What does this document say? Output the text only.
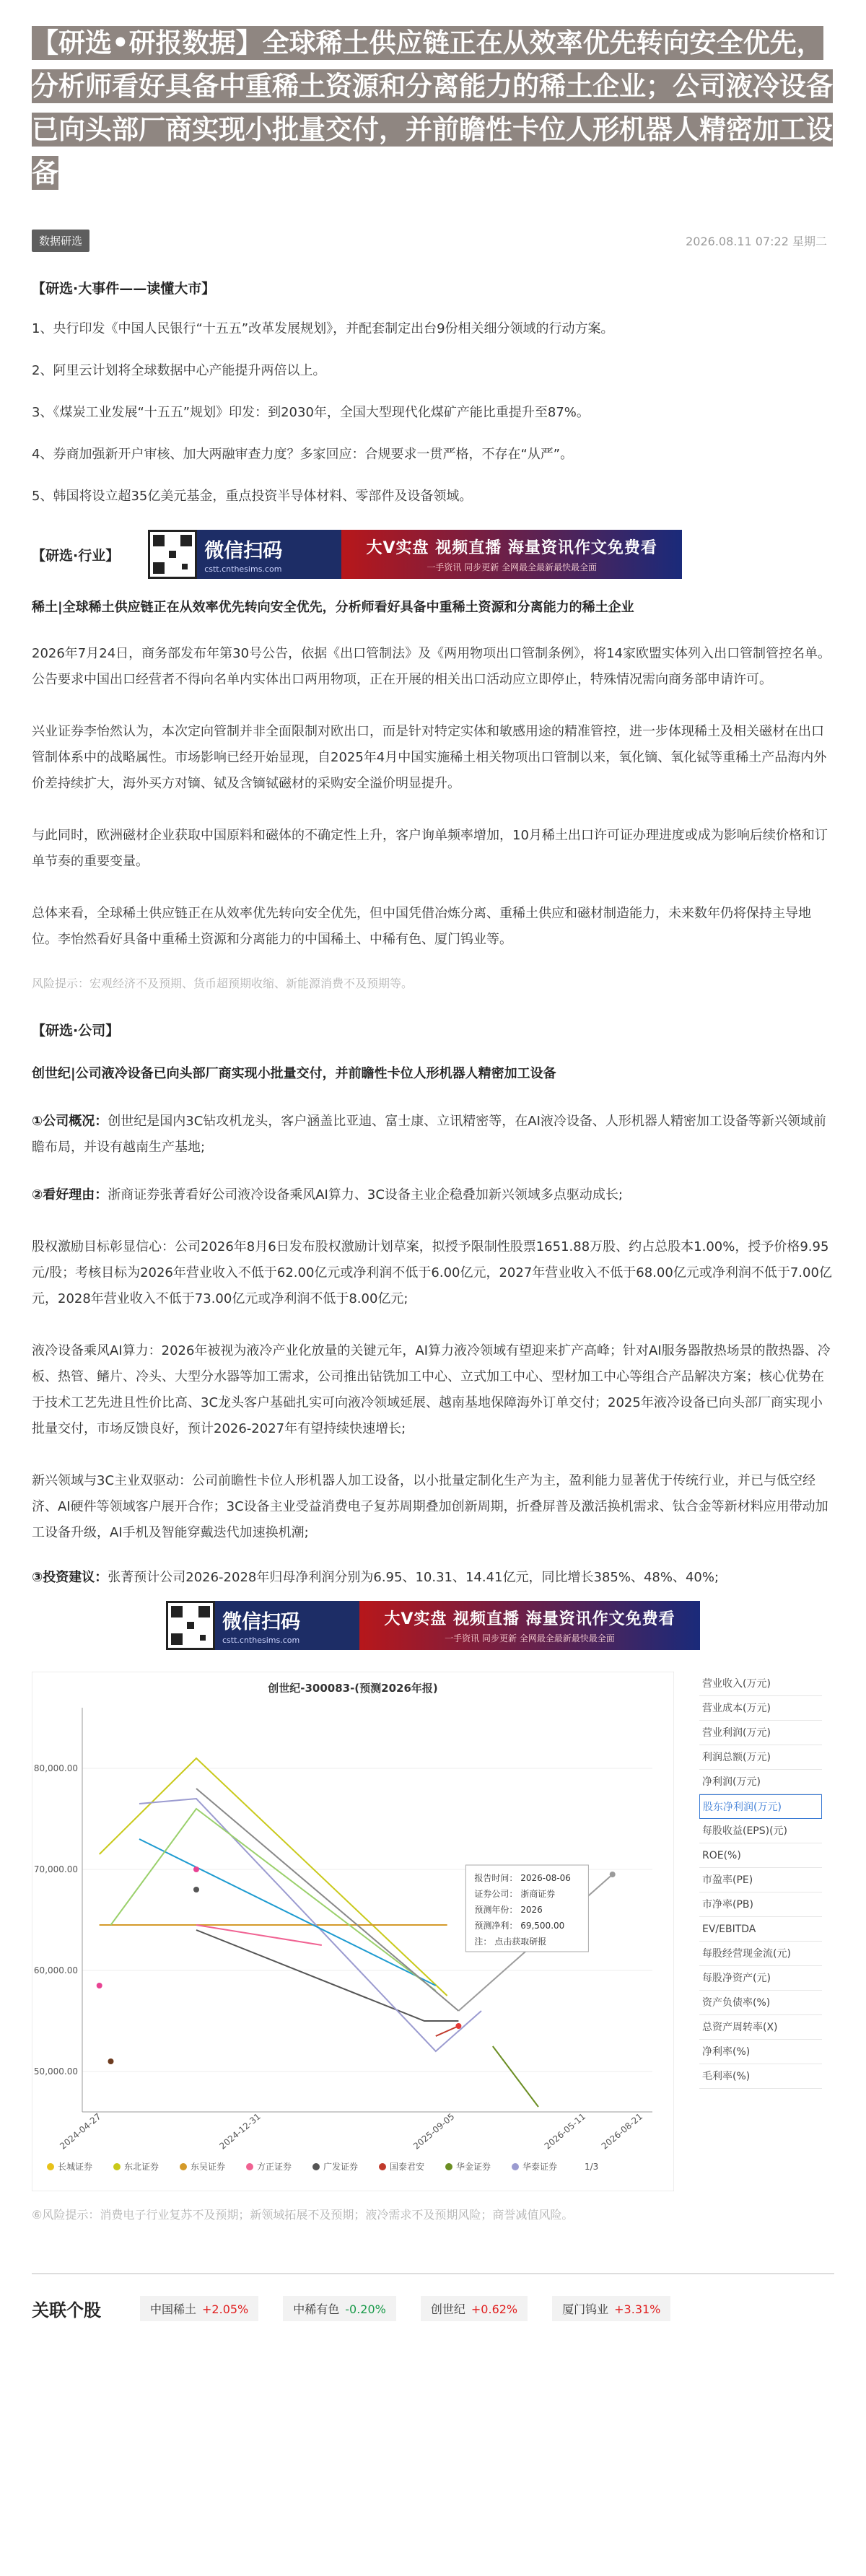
【研选•研报数据】全球稀土供应链正在从效率优先转向安全优先，分析师看好具备中重稀土资源和分离能力的稀土企业；公司液冷设备已向头部厂商实现小批量交付，并前瞻性卡位人形机器人精密加工设备
数据研选	2026.08.11 07:22 星期二
【研选·大事件——读懂大市】
1、央行印发《中国人民银行“十五五”改革发展规划》，并配套制定出台9份相关细分领域的行动方案。
2、阿里云计划将全球数据中心产能提升两倍以上。
3、《煤炭工业发展“十五五”规划》印发：到2030年，全国大型现代化煤矿产能比重提升至87%。
4、券商加强新开户审核、加大两融审查力度？多家回应：合规要求一贯严格，不存在“从严”。
5、韩国将设立超35亿美元基金，重点投资半导体材料、零部件及设备领域。
【研选·行业】	微信扫码
cstt.cnthesims.com
大V实盘 视频直播 海量资讯作文免费看
一手资讯 同步更新 全网最全最新最快最全面
稀土|全球稀土供应链正在从效率优先转向安全优先，分析师看好具备中重稀土资源和分离能力的稀土企业
2026年7月24日，商务部发布年第30号公告，依据《出口管制法》及《两用物项出口管制条例》，将14家欧盟实体列入出口管制管控名单。公告要求中国出口经营者不得向名单内实体出口两用物项，正在开展的相关出口活动应立即停止，特殊情况需向商务部申请许可。
兴业证券李怡然认为，本次定向管制并非全面限制对欧出口，而是针对特定实体和敏感用途的精准管控，进一步体现稀土及相关磁材在出口管制体系中的战略属性。市场影响已经开始显现，自2025年4月中国实施稀土相关物项出口管制以来，氧化镝、氧化铽等重稀土产品海内外价差持续扩大，海外买方对镝、铽及含镝铽磁材的采购安全溢价明显提升。
与此同时，欧洲磁材企业获取中国原料和磁体的不确定性上升，客户询单频率增加，10月稀土出口许可证办理进度或成为影响后续价格和订单节奏的重要变量。
总体来看，全球稀土供应链正在从效率优先转向安全优先，但中国凭借冶炼分离、重稀土供应和磁材制造能力，未来数年仍将保持主导地位。李怡然看好具备中重稀土资源和分离能力的中国稀土、中稀有色、厦门钨业等。
风险提示：宏观经济不及预期、货币超预期收缩、新能源消费不及预期等。
【研选·公司】
创世纪|公司液冷设备已向头部厂商实现小批量交付，并前瞻性卡位人形机器人精密加工设备
①公司概况：创世纪是国内3C钻攻机龙头，客户涵盖比亚迪、富士康、立讯精密等，在AI液冷设备、人形机器人精密加工设备等新兴领域前瞻布局，并设有越南生产基地;
②看好理由：浙商证券张菁看好公司液冷设备乘风AI算力、3C设备主业企稳叠加新兴领域多点驱动成长;
股权激励目标彰显信心：公司2026年8月6日发布股权激励计划草案，拟授予限制性股票1651.88万股、约占总股本1.00%，授予价格9.95元/股；考核目标为2026年营业收入不低于62.00亿元或净利润不低于6.00亿元，2027年营业收入不低于68.00亿元或净利润不低于7.00亿元，2028年营业收入不低于73.00亿元或净利润不低于8.00亿元;
液冷设备乘风AI算力：2026年被视为液冷产业化放量的关键元年，AI算力液冷领域有望迎来扩产高峰；针对AI服务器散热场景的散热器、冷板、热管、鳍片、冷头、大型分水器等加工需求，公司推出钻铣加工中心、立式加工中心、型材加工中心等组合产品解决方案；核心优势在于技术工艺先进且性价比高、3C龙头客户基础扎实可向液冷领域延展、越南基地保障海外订单交付；2025年液冷设备已向头部厂商实现小批量交付，市场反馈良好，预计2026-2027年有望持续快速增长;
新兴领域与3C主业双驱动：公司前瞻性卡位人形机器人加工设备，以小批量定制化生产为主，盈利能力显著优于传统行业，并已与低空经济、AI硬件等领域客户展开合作；3C设备主业受益消费电子复苏周期叠加创新周期，折叠屏普及激活换机需求、钛合金等新材料应用带动加工设备升级，AI手机及智能穿戴迭代加速换机潮;
③投资建议：张菁预计公司2026-2028年归母净利润分别为6.95、10.31、14.41亿元，同比增长385%、48%、40%;
微信扫码
cstt.cnthesims.com
大V实盘 视频直播 海量资讯作文免费看
一手资讯 同步更新 全网最全最新最快最全面
创世纪-300083-(预测2026年报)
50,000.00
60,000.00
70,000.00
80,000.00
2024-04-27	2024-12-31	2025-09-05	2026-05-11 2026-08-21
报告时间： 2026-08-06
证券公司： 浙商证券
预测年份： 2026
预测净利： 69,500.00
注： 点击获取研报
长城证券	东北证券	东吴证券	方正证券	广发证券	国泰君安	华金证券	华泰证券	1/3
营业收入(万元)
营业成本(万元)
营业利润(万元)
利润总额(万元)
净利润(万元)
股东净利润(万元)
每股收益(EPS)(元)
ROE(%)
市盈率(PE)
市净率(PB)
EV/EBITDA
每股经营现金流(元)
每股净资产(元)
资产负债率(%)
总资产周转率(X)
净利率(%)
毛利率(%)
⑥风险提示：消费电子行业复苏不及预期；新领域拓展不及预期；液冷需求不及预期风险；商誉减值风险。
关联个股	中国稀土 +2.05%	中稀有色 -0.20%	创世纪 +0.62%	厦门钨业 +3.31%
